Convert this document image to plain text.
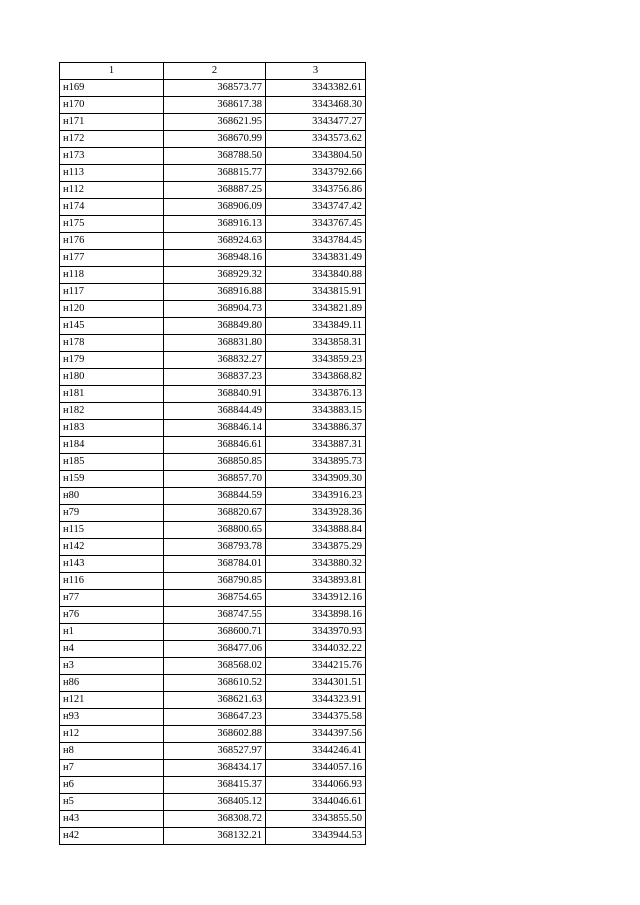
1	2	3
н169	368573.77	3343382.61
н170	368617.38	3343468.30
н171	368621.95	3343477.27
н172	368670.99	3343573.62
н173	368788.50	3343804.50
н113	368815.77	3343792.66
н112	368887.25	3343756.86
н174	368906.09	3343747.42
н175	368916.13	3343767.45
н176	368924.63	3343784.45
н177	368948.16	3343831.49
н118	368929.32	3343840.88
н117	368916.88	3343815.91
н120	368904.73	3343821.89
н145	368849.80	3343849.11
н178	368831.80	3343858.31
н179	368832.27	3343859.23
н180	368837.23	3343868.82
н181	368840.91	3343876.13
н182	368844.49	3343883.15
н183	368846.14	3343886.37
н184	368846.61	3343887.31
н185	368850.85	3343895.73
н159	368857.70	3343909.30
н80	368844.59	3343916.23
н79	368820.67	3343928.36
н115	368800.65	3343888.84
н142	368793.78	3343875.29
н143	368784.01	3343880.32
н116	368790.85	3343893.81
н77	368754.65	3343912.16
н76	368747.55	3343898.16
н1	368600.71	3343970.93
н4	368477.06	3344032.22
н3	368568.02	3344215.76
н86	368610.52	3344301.51
н121	368621.63	3344323.91
н93	368647.23	3344375.58
н12	368602.88	3344397.56
н8	368527.97	3344246.41
н7	368434.17	3344057.16
н6	368415.37	3344066.93
н5	368405.12	3344046.61
н43	368308.72	3343855.50
н42	368132.21	3343944.53
